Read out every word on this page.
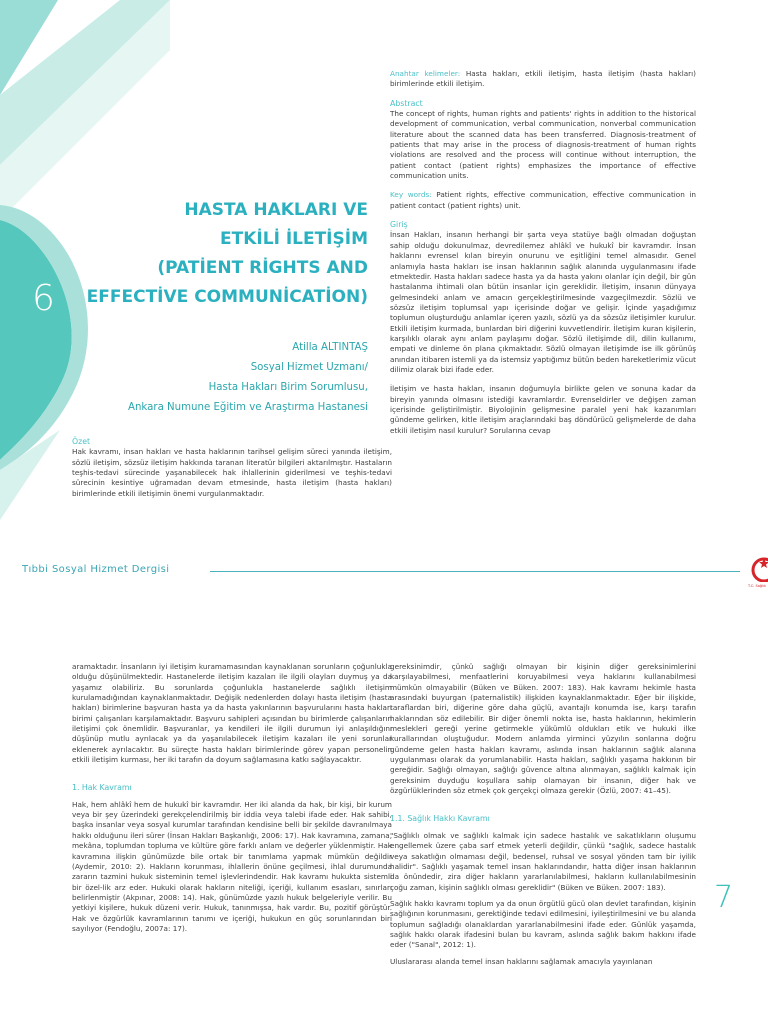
6
HASTA HAKLARI VE
ETKİLİ İLETİŞİM
(PATİENT RİGHTS AND
EFFECTİVE COMMUNİCATİON)
Atilla ALTINTAŞ
Sosyal Hizmet Uzmanı/
Hasta Hakları Birim Sorumlusu,
Ankara Numune Eğitim ve Araştırma Hastanesi
Özet

Hak kavramı, insan hakları ve hasta haklarının tarihsel gelişim süreci yanında iletişim, sözlü iletişim, sözsüz iletişim hakkında taranan literatür bilgileri aktarılmıştır. Hastaların teşhis-tedavi sürecinde yaşanabilecek hak ihlallerinin giderilmesi ve teşhis-tedavi sürecinin kesintiye uğramadan devam etmesinde, hasta iletişim (hasta hakları) birimlerinde etkili iletişimin önemi vurgulanmaktadır.

Anahtar kelimeler: Hasta hakları, etkili iletişim, hasta iletişim (hasta hakları) birimlerinde etkili iletişim.

Abstract

The concept of rights, human rights and patients' rights in addition to the historical development of communication, verbal communication, nonverbal communication literature about the scanned data has been transferred. Diagnosis-treatment of patients that may arise in the process of diagnosis-treatment of human rights violations are resolved and the process will continue without interruption, the patient contact (patient rights) emphasizes the importance of effective communication units.

Key words: Patient rights, effective communication, effective communication in patient contact (patient rights) unit.

Giriş

İnsan Hakları, insanın herhangi bir şarta veya statüye bağlı olmadan doğuştan sahip olduğu dokunulmaz, devredilemez ahlâkî ve hukukî bir kavramdır. İnsan haklarını evrensel kılan bireyin onurunu ve eşitliğini temel almasıdır. Genel anlamıyla hasta hakları ise insan haklarının sağlık alanında uygulanmasını ifade etmektedir. Hasta hakları sadece hasta ya da hasta yakını olanlar için değil, bir gün hastalanma ihtimali olan bütün insanlar için gereklidir. İletişim, insanın dünyaya gelmesindeki anlam ve amacın gerçekleştirilmesinde vazgeçilmezdir. Sözlü ve sözsüz iletişim toplumsal yapı içerisinde doğar ve gelişir. İçinde yaşadığımız toplumun oluşturduğu anlamlar içeren yazılı, sözlü ya da sözsüz iletişimler kurulur. Etkili iletişim kurmada, bunlardan biri diğerini kuvvetlendirir. İletişim kuran kişilerin, karşılıklı olarak aynı anlam paylaşımı doğar. Sözlü iletişimde dil, dilin kullanımı, empati ve dinleme ön plana çıkmaktadır. Sözlü olmayan iletişimde ise ilk görünüş anından itibaren istemli ya da istemsiz yaptığımız bütün beden hareketlerimiz vücut dilimiz olarak bizi ifade eder.

İletişim ve hasta hakları, insanın doğumuyla birlikte gelen ve sonuna kadar da bireyin yanında olmasını istediği kavramlardır. Evrenseldirler ve değişen zaman içerisinde geliştirilmiştir. Biyolojinin gelişmesine paralel yeni hak kazanımları gündeme gelirken, kitle iletişim araçlarındaki baş döndürücü gelişmelerde de daha etkili iletişim nasıl kurulur? Sorularına cevap

Tıbbi Sosyal Hizmet Dergisi
T.C. Sağlık

aramaktadır. İnsanların iyi iletişim kuramamasından kaynaklanan sorunların çoğunlukla olduğu düşünülmektedir. Hastanelerde iletişim kazaları ile ilgili olayları duymuş ya da yaşamız olabiliriz. Bu sorunlarda çoğunlukla hastanelerde sağlıklı iletişim kurulamadığından kaynaklanmaktadır. Değişik nedenlerden dolayı hasta iletişim (hasta hakları) birimlerine başvuran hasta ya da hasta yakınlarının başvurularını hasta hakları birimi çalışanları karşılamaktadır. Başvuru sahipleri açısından bu birimlerde çalışanların iletişimi çok önemlidir. Başvuranlar, ya kendileri ile ilgili durumun iyi anlaşıldığını düşünüp mutlu ayrılacak ya da yaşanılabilecek iletişim kazaları ile yeni sorunlar eklenerek ayrılacaktır. Bu süreçte hasta hakları birimlerinde görev yapan personelin etkili iletişim kurması, her iki tarafın da doyum sağlamasına katkı sağlayacaktır.

1. Hak Kavramı

Hak, hem ahlâkî hem de hukukî bir kavramdır. Her iki alanda da hak, bir kişi, bir kurum veya bir şey üzerindeki gerekçelendirilmiş bir iddia veya talebi ifade eder. Hak sahibi, başka insanlar veya sosyal kurumlar tarafından kendisine belli bir şekilde davranılmaya hakkı olduğunu ileri sürer (İnsan Hakları Başkanlığı, 2006: 17). Hak kavramına, zamana, mekâna, toplumdan topluma ve kültüre göre farklı anlam ve değerler yüklenmiştir. Hak kavramına ilişkin günümüzde bile ortak bir tanımlama yapmak mümkün değildir (Aydemir, 2010: 2). Hakların korunması, ihlallerin önüne geçilmesi, ihlal durumunda zararın tazmini hukuk sisteminin temel işlevlerindendir. Hak kavramı hukukta sistemli bir özel-lik arz eder. Hukuki olarak hakların niteliği, içeriği, kullanım esasları, sınırları belirlenmiştir (Akpınar, 2008: 14). Hak, günümüzde yazılı hukuk belgeleriyle verilir. Bu yetkiyi kişilere, hukuk düzeni verir. Hukuk, tanınmışsa, hak vardır. Bu, pozitif görüştür. Hak ve özgürlük kavramlarının tanımı ve içeriği, hukukun en güç sorunlarından biri sayılıyor (Fendoğlu, 2007a: 17).

gereksinimdir, çünkü sağlığı olmayan bir kişinin diğer gereksinimlerini karşılayabilmesi, menfaatlerini koruyabilmesi veya haklarını kullanabilmesi mümkün olmayabilir (Büken ve Büken. 2007: 183). Hak kavramı hekimle hasta arasındaki buyurgan (paternalistik) ilişkiden kaynaklanmaktadır. Eğer bir ilişkide, taraflardan biri, diğerine göre daha güçlü, avantajlı konumda ise, karşı tarafın haklarından söz edilebilir. Bir diğer önemli nokta ise, hasta haklarının, hekimlerin meslekleri gereği yerine getirmekle yükümlü oldukları etik ve hukuki ilke kurallarından oluştuğudur. Modern anlamda yirminci yüzyılın sonlarına doğru gündeme gelen hasta hakları kavramı, aslında insan haklarının sağlık alanına uygulanması olarak da yorumlanabilir. Hasta hakları, sağlıklı yaşama hakkının bir gereğidir. Sağlığı olmayan, sağlığı güvence altına alınmayan, sağlıklı kalmak için gereksinim duyduğu koşullara sahip olamayan bir insanın, diğer hak ve özgürlüklerinden söz etmek çok gerçekçi olmaza gerekir (Özlü, 2007: 41–45).

1.1. Sağlık Hakkı Kavramı

"Sağlıklı olmak ve sağlıklı kalmak için sadece hastalık ve sakatlıkların oluşumu engellemek üzere çaba sarf etmek yeterli değildir, çünkü "sağlık, sadece hastalık veya sakatlığın olmaması değil, bedensel, ruhsal ve sosyal yönden tam bir iyilik halidir". Sağlıklı yaşamak temel insan haklarındandır, hatta diğer insan haklarının da önündedir, zira diğer hakların yararlanılabilmesi, hakların kullanılabilmesinin çoğu zaman, kişinin sağlıklı olması gereklidir" (Büken ve Büken. 2007: 183).

Sağlık hakkı kavramı toplum ya da onun örgütlü gücü olan devlet tarafından, kişinin sağlığının korunmasını, gerektiğinde tedavi edilmesini, iyileştirilmesini ve bu alanda toplumun sağladığı olanaklardan yararlanabilmesini ifade eder. Günlük yaşamda, sağlık hakkı olarak ifadesini bulan bu kavram, aslında sağlık bakım hakkını ifade eder ("Sanal", 2012: 1).

Uluslararası alanda temel insan haklarını sağlamak amacıyla yayınlanan

7
